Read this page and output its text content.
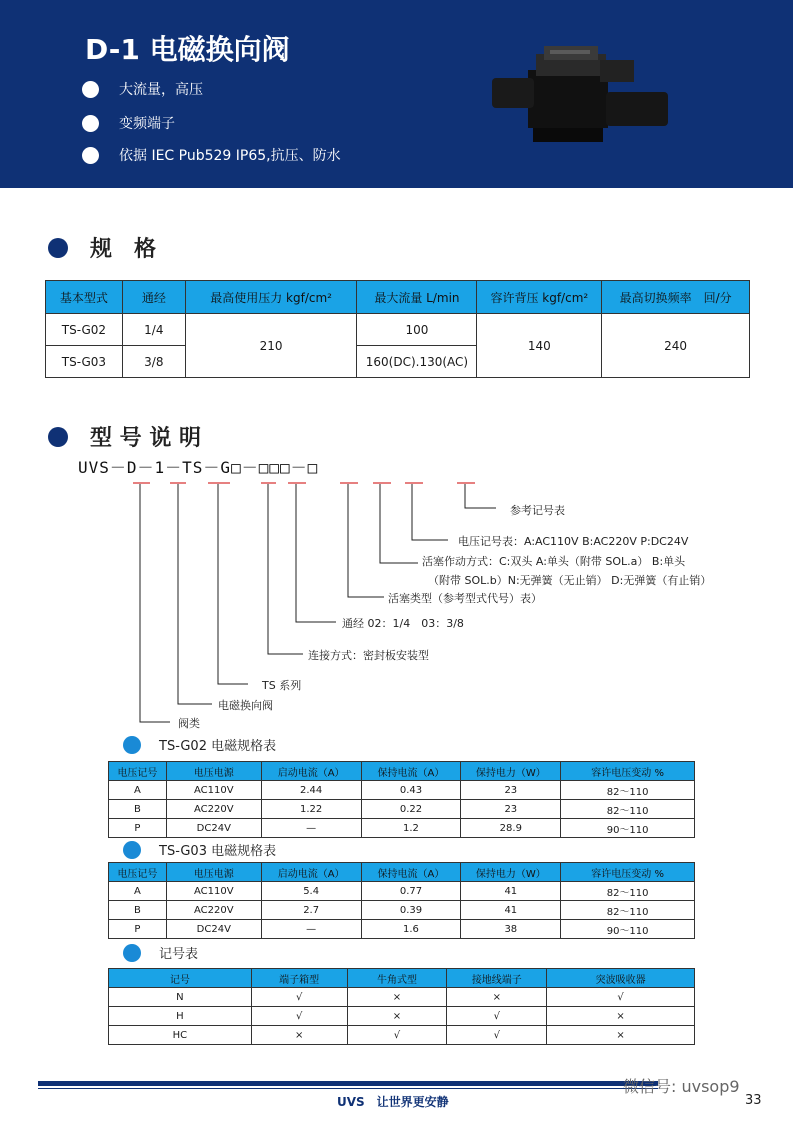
D-1 电磁换向阀
大流量，高压
变频端子
依据 IEC Pub529 IP65,抗压、防水
规　格
基本型式	通经	最高使用压力 kgf/cm²	最大流量 L/min	容许背压 kgf/cm²	最高切换频率　回/分
TS-G02	1/4	210	100	140	240
TS-G03	3/8		160(DC).130(AC)		
型 号 说 明
UVS－D－1－TS－G□－□□□－□
参考记号表
电压记号表：A:AC110V B:AC220V P:DC24V
活塞作动方式：C:双头 A:单头（附带 SOL.a） B:单头
（附带 SOL.b）N:无弹簧（无止销） D:无弹簧（有止销）
活塞类型（参考型式代号）表）
通经 02：1/4　03：3/8
连接方式：密封板安装型
TS 系列
电磁换向阀
阀类
TS-G02 电磁规格表
电压记号	电压电源	启动电流（A）	保持电流（A）	保持电力（W）	容许电压变动 %
A	AC110V	2.44	0.43	23	82～110
B	AC220V	1.22	0.22	23	82～110
P	DC24V	—	1.2	28.9	90～110
TS-G03 电磁规格表
电压记号	电压电源	启动电流（A）	保持电流（A）	保持电力（W）	容许电压变动 %
A	AC110V	5.4	0.77	41	82～110
B	AC220V	2.7	0.39	41	82～110
P	DC24V	—	1.6	38	90～110
记号表
记号	端子箱型	牛角式型	接地线端子	突波吸收器
N	√	×	×	√
H	√	×	√	×
HC	×	√	√	×
UVS　让世界更安静
微信号: uvsop9
33
